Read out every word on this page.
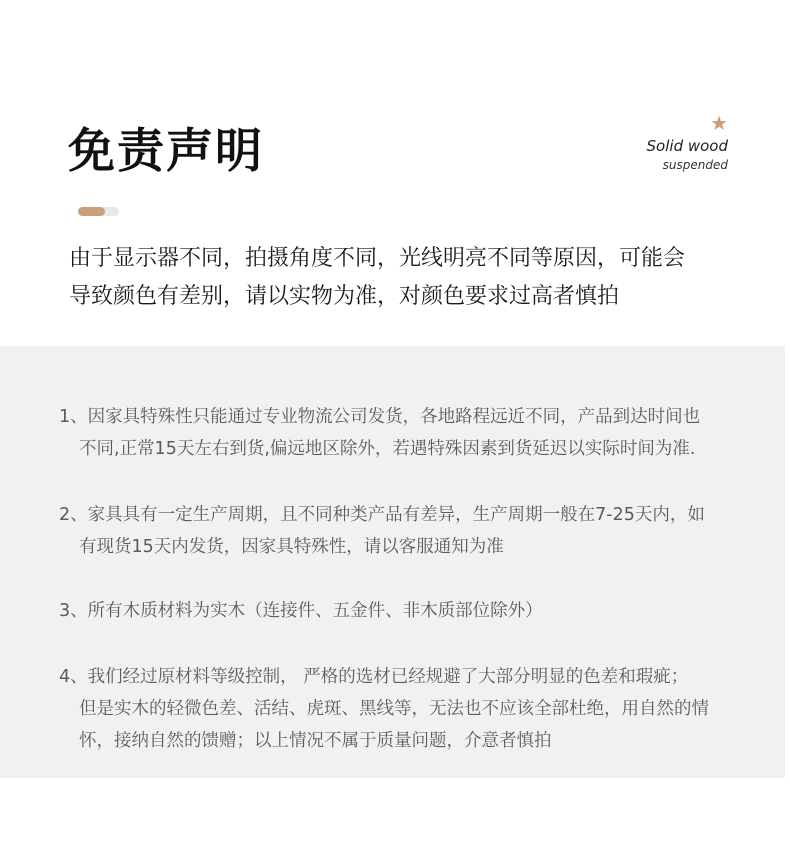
免责声明
★
Solid wood
suspended
由于显示器不同，拍摄角度不同，光线明亮不同等原因，可能会
导致颜色有差别，请以实物为准，对颜色要求过高者慎拍
1、因家具特殊性只能通过专业物流公司发货，各地路程远近不同，产品到达时间也
不同,正常15天左右到货,偏远地区除外，若遇特殊因素到货延迟以实际时间为准.
2、家具具有一定生产周期，且不同种类产品有差异，生产周期一般在7-25天内，如
有现货15天内发货，因家具特殊性，请以客服通知为准
3、所有木质材料为实木（连接件、五金件、非木质部位除外）
4、我们经过原材料等级控制， 严格的选材已经规避了大部分明显的色差和瑕疵；
但是实木的轻微色差、活结、虎斑、黑线等，无法也不应该全部杜绝，用自然的情
怀，接纳自然的馈赠；以上情况不属于质量问题，介意者慎拍
